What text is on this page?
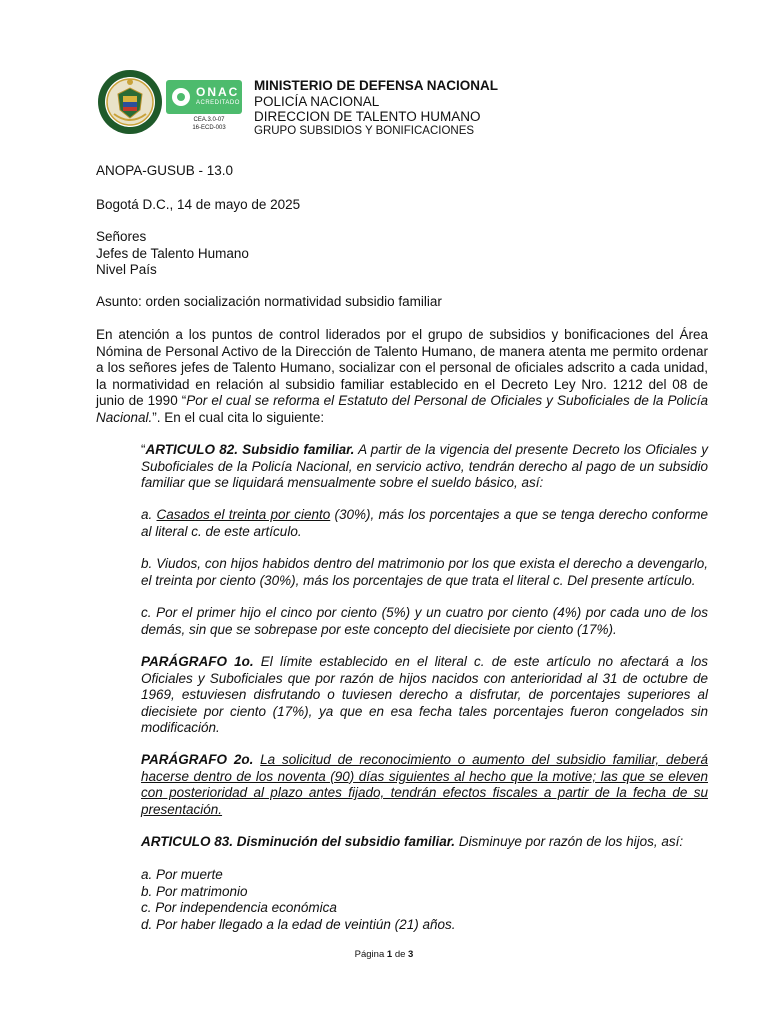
ONAC
ACREDITADO
CEA.3.0-07
16-ECD-003
MINISTERIO DE DEFENSA NACIONAL
POLICÍA NACIONAL
DIRECCION DE TALENTO HUMANO
GRUPO SUBSIDIOS Y BONIFICACIONES
ANOPA-GUSUB - 13.0
Bogotá D.C., 14 de mayo de 2025
Señores
Jefes de Talento Humano
Nivel País
Asunto: orden socialización normatividad subsidio familiar
En atención a los puntos de control liderados por el grupo de subsidios y bonificaciones del Área Nómina de Personal Activo de la Dirección de Talento Humano, de manera atenta me permito ordenar a los señores jefes de Talento Humano, socializar con el personal de oficiales adscrito a cada unidad, la normatividad en relación al subsidio familiar establecido en el Decreto Ley Nro. 1212 del 08 de junio de 1990 “Por el cual se reforma el Estatuto del Personal de Oficiales y Suboficiales de la Policía Nacional.”. En el cual cita lo siguiente:
“ARTICULO 82. Subsidio familiar. A partir de la vigencia del presente Decreto los Oficiales y Suboficiales de la Policía Nacional, en servicio activo, tendrán derecho al pago de un subsidio familiar que se liquidará mensualmente sobre el sueldo básico, así:
a. Casados el treinta por ciento (30%), más los porcentajes a que se tenga derecho conforme al literal c. de este artículo.
b. Viudos, con hijos habidos dentro del matrimonio por los que exista el derecho a devengarlo, el treinta por ciento (30%), más los porcentajes de que trata el literal c. Del presente artículo.
c. Por el primer hijo el cinco por ciento (5%) y un cuatro por ciento (4%) por cada uno de los demás, sin que se sobrepase por este concepto del diecisiete por ciento (17%).
PARÁGRAFO 1o. El límite establecido en el literal c. de este artículo no afectará a los Oficiales y Suboficiales que por razón de hijos nacidos con anterioridad al 31 de octubre de 1969, estuviesen disfrutando o tuviesen derecho a disfrutar, de porcentajes superiores al diecisiete por ciento (17%), ya que en esa fecha tales porcentajes fueron congelados sin modificación.
PARÁGRAFO 2o. La solicitud de reconocimiento o aumento del subsidio familiar, deberá hacerse dentro de los noventa (90) días siguientes al hecho que la motive; las que se eleven con posterioridad al plazo antes fijado, tendrán efectos fiscales a partir de la fecha de su presentación.
ARTICULO 83. Disminución del subsidio familiar. Disminuye por razón de los hijos, así:
a. Por muerte
b. Por matrimonio
c. Por independencia económica
d. Por haber llegado a la edad de veintiún (21) años.
Página 1 de 3
